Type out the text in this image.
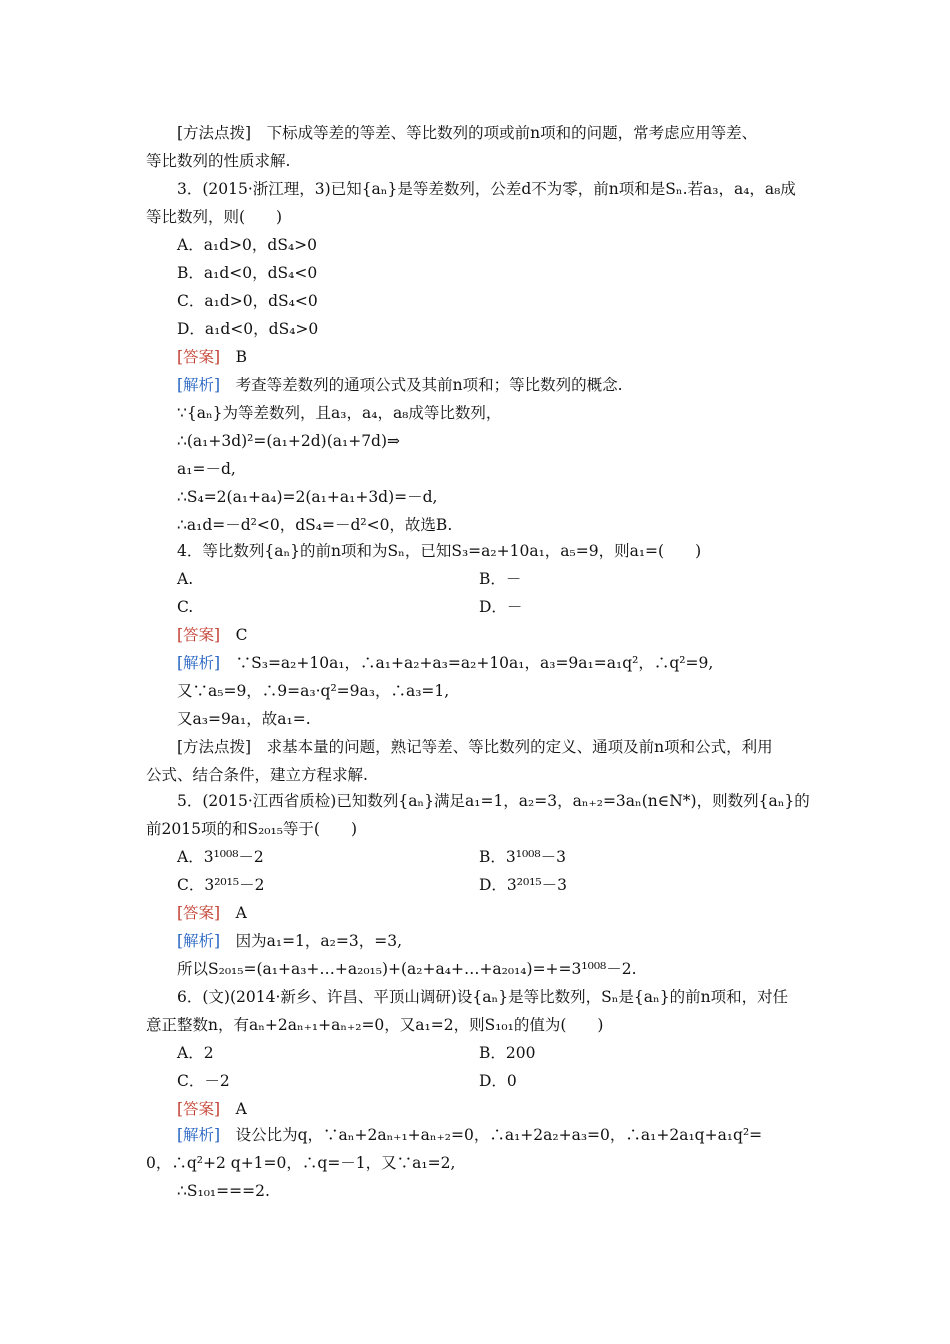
[方法点拨]　下标成等差的等差、等比数列的项或前n项和的问题，常考虑应用等差、
等比数列的性质求解.
3．(2015·浙江理，3)已知{aₙ}是等差数列，公差d不为零，前n项和是Sₙ.若a₃，a₄，a₈成
等比数列，则(　　)
A．a₁d>0，dS₄>0
B．a₁d<0，dS₄<0
C．a₁d>0，dS₄<0
D．a₁d<0，dS₄>0
[答案]　B
[解析]　考查等差数列的通项公式及其前n项和；等比数列的概念.
∵{aₙ}为等差数列，且a₃，a₄，a₈成等比数列，
∴(a₁+3d)²=(a₁+2d)(a₁+7d)⇒
a₁=－d,
∴S₄=2(a₁+a₄)=2(a₁+a₁+3d)=－d,
∴a₁d=－d²<0，dS₄=－d²<0，故选B.
4．等比数列{aₙ}的前n项和为Sₙ，已知S₃=a₂+10a₁，a₅=9，则a₁=(　　)
A.	B．－
C.	D．－
[答案]　C
[解析]　∵S₃=a₂+10a₁，∴a₁+a₂+a₃=a₂+10a₁，a₃=9a₁=a₁q²，∴q²=9,
又∵a₅=9，∴9=a₃·q²=9a₃，∴a₃=1,
又a₃=9a₁，故a₁=.
[方法点拨]　求基本量的问题，熟记等差、等比数列的定义、通项及前n项和公式，利用
公式、结合条件，建立方程求解.
5．(2015·江西省质检)已知数列{aₙ}满足a₁=1，a₂=3，aₙ₊₂=3aₙ(n∈N*)，则数列{aₙ}的
前2015项的和S₂₀₁₅等于(　　)
A．3¹⁰⁰⁸－2	B．3¹⁰⁰⁸－3
C．3²⁰¹⁵－2	D．3²⁰¹⁵－3
[答案]　A
[解析]　因为a₁=1，a₂=3，=3,
所以S₂₀₁₅=(a₁+a₃+…+a₂₀₁₅)+(a₂+a₄+…+a₂₀₁₄)=+=3¹⁰⁰⁸－2.
6．(文)(2014·新乡、许昌、平顶山调研)设{aₙ}是等比数列，Sₙ是{aₙ}的前n项和，对任
意正整数n，有aₙ+2aₙ₊₁+aₙ₊₂=0，又a₁=2，则S₁₀₁的值为(　　)
A．2	B．200
C．－2	D．0
[答案]　A
[解析]　设公比为q，∵aₙ+2aₙ₊₁+aₙ₊₂=0，∴a₁+2a₂+a₃=0，∴a₁+2a₁q+a₁q²=
0，∴q²+2 q+1=0，∴q=－1，又∵a₁=2,
∴S₁₀₁===2.
